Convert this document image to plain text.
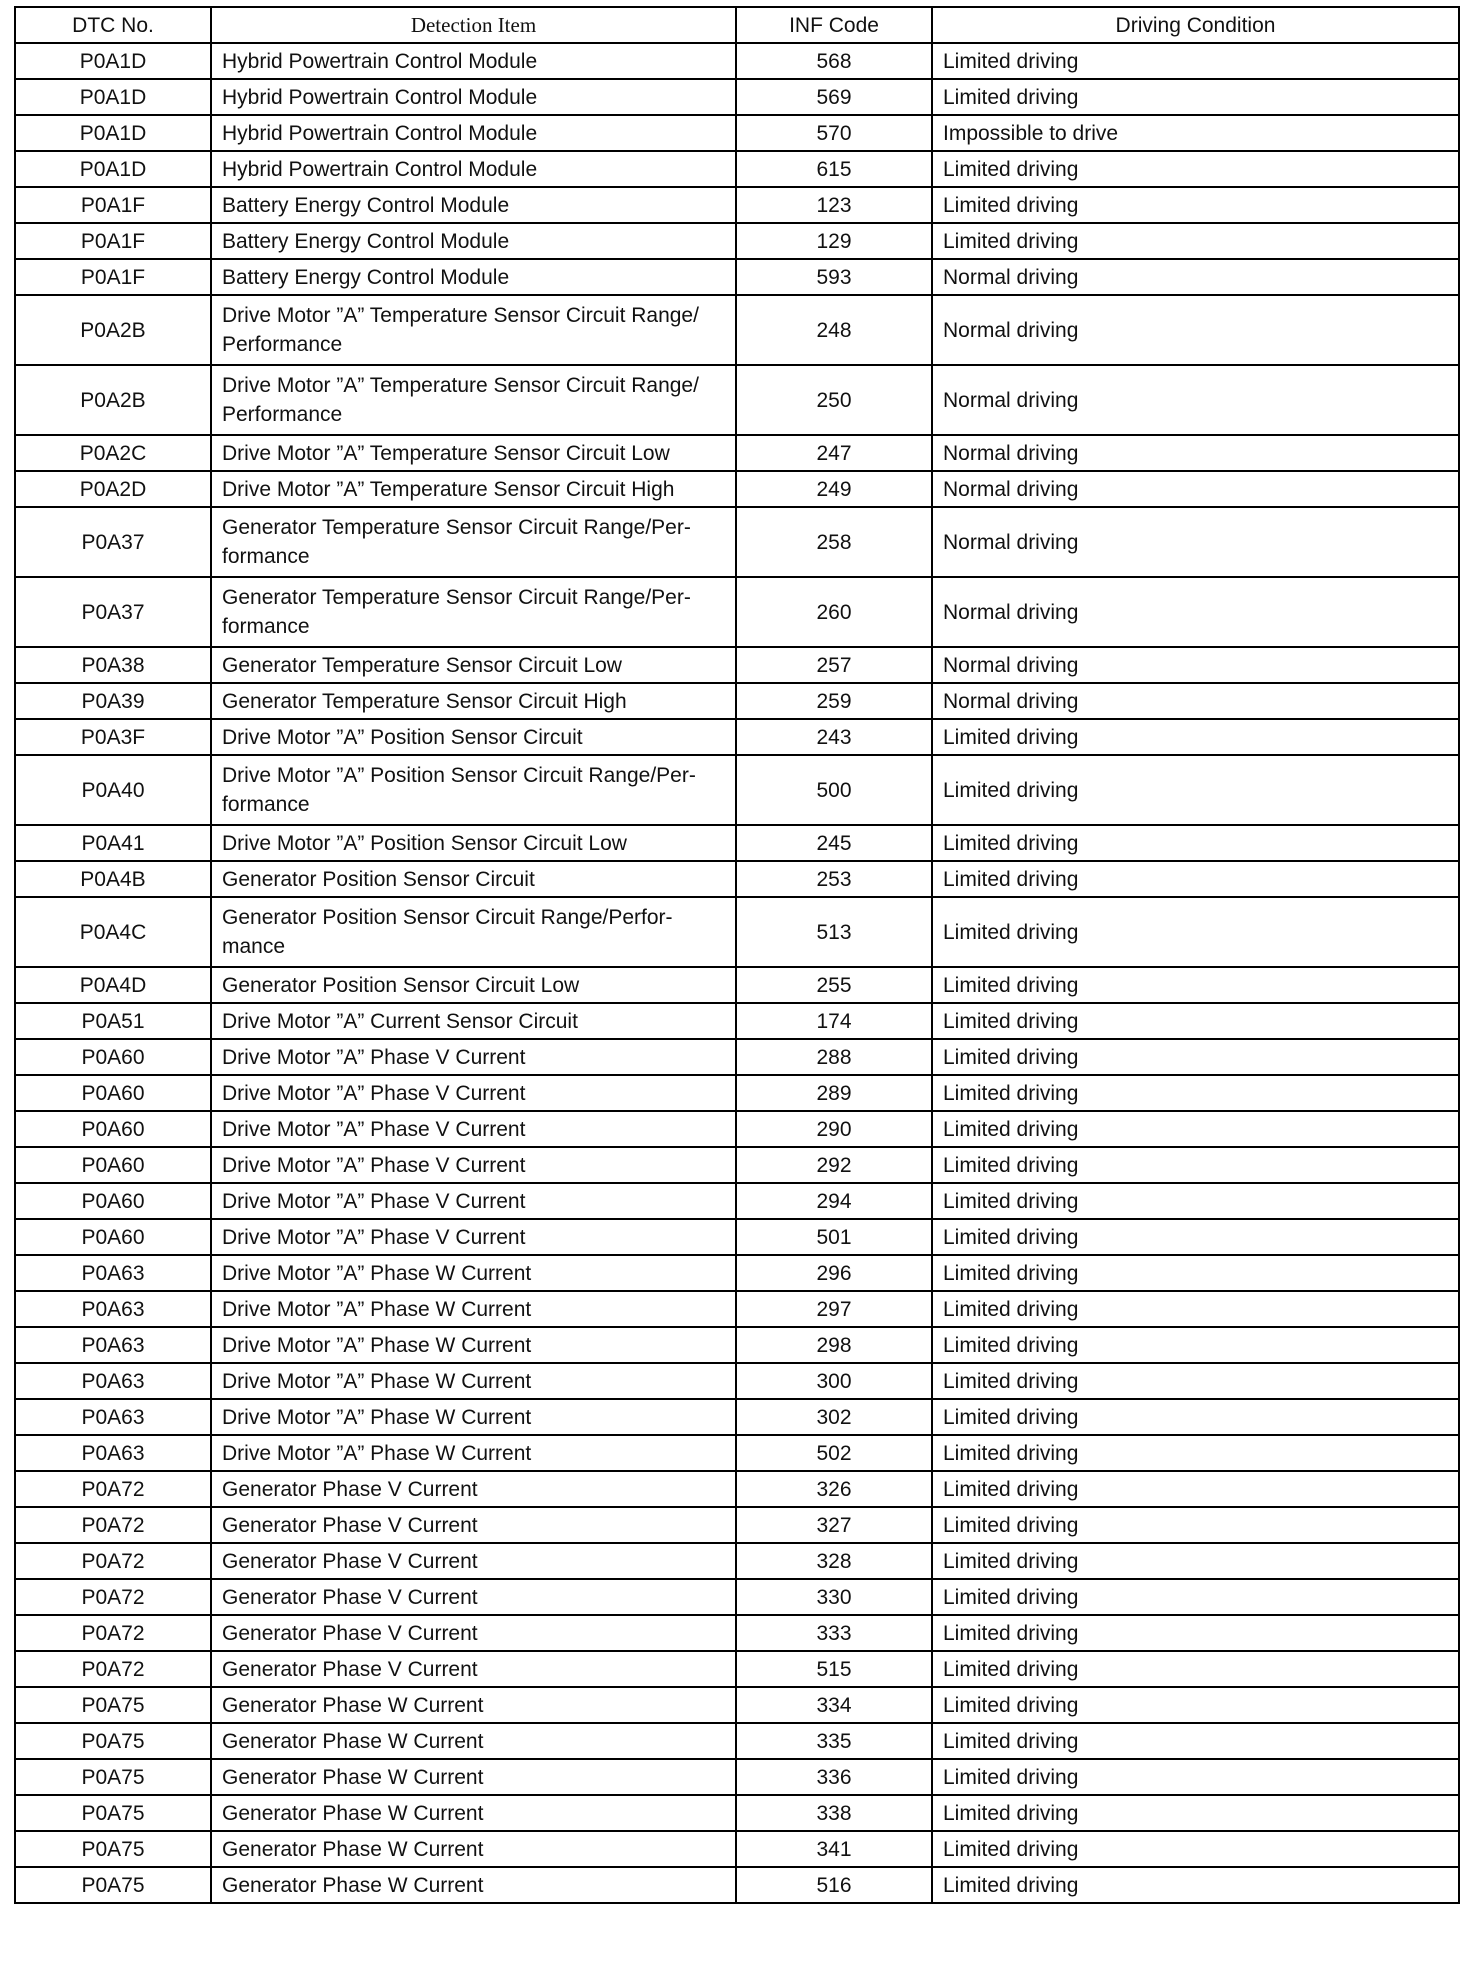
DTC No.	Detection Item	INF Code	Driving Condition
P0A1D	Hybrid Powertrain Control Module	568	Limited driving
P0A1D	Hybrid Powertrain Control Module	569	Limited driving
P0A1D	Hybrid Powertrain Control Module	570	Impossible to drive
P0A1D	Hybrid Powertrain Control Module	615	Limited driving
P0A1F	Battery Energy Control Module	123	Limited driving
P0A1F	Battery Energy Control Module	129	Limited driving
P0A1F	Battery Energy Control Module	593	Normal driving
P0A2B	Drive Motor ”A” Temperature Sensor Circuit Range/ Performance	248	Normal driving
P0A2B	Drive Motor ”A” Temperature Sensor Circuit Range/ Performance	250	Normal driving
P0A2C	Drive Motor ”A” Temperature Sensor Circuit Low	247	Normal driving
P0A2D	Drive Motor ”A” Temperature Sensor Circuit High	249	Normal driving
P0A37	Generator Temperature Sensor Circuit Range/Per- formance	258	Normal driving
P0A37	Generator Temperature Sensor Circuit Range/Per- formance	260	Normal driving
P0A38	Generator Temperature Sensor Circuit Low	257	Normal driving
P0A39	Generator Temperature Sensor Circuit High	259	Normal driving
P0A3F	Drive Motor ”A” Position Sensor Circuit	243	Limited driving
P0A40	Drive Motor ”A” Position Sensor Circuit Range/Per- formance	500	Limited driving
P0A41	Drive Motor ”A” Position Sensor Circuit Low	245	Limited driving
P0A4B	Generator Position Sensor Circuit	253	Limited driving
P0A4C	Generator Position Sensor Circuit Range/Perfor- mance	513	Limited driving
P0A4D	Generator Position Sensor Circuit Low	255	Limited driving
P0A51	Drive Motor ”A” Current Sensor Circuit	174	Limited driving
P0A60	Drive Motor ”A” Phase V Current	288	Limited driving
P0A60	Drive Motor ”A” Phase V Current	289	Limited driving
P0A60	Drive Motor ”A” Phase V Current	290	Limited driving
P0A60	Drive Motor ”A” Phase V Current	292	Limited driving
P0A60	Drive Motor ”A” Phase V Current	294	Limited driving
P0A60	Drive Motor ”A” Phase V Current	501	Limited driving
P0A63	Drive Motor ”A” Phase W Current	296	Limited driving
P0A63	Drive Motor ”A” Phase W Current	297	Limited driving
P0A63	Drive Motor ”A” Phase W Current	298	Limited driving
P0A63	Drive Motor ”A” Phase W Current	300	Limited driving
P0A63	Drive Motor ”A” Phase W Current	302	Limited driving
P0A63	Drive Motor ”A” Phase W Current	502	Limited driving
P0A72	Generator Phase V Current	326	Limited driving
P0A72	Generator Phase V Current	327	Limited driving
P0A72	Generator Phase V Current	328	Limited driving
P0A72	Generator Phase V Current	330	Limited driving
P0A72	Generator Phase V Current	333	Limited driving
P0A72	Generator Phase V Current	515	Limited driving
P0A75	Generator Phase W Current	334	Limited driving
P0A75	Generator Phase W Current	335	Limited driving
P0A75	Generator Phase W Current	336	Limited driving
P0A75	Generator Phase W Current	338	Limited driving
P0A75	Generator Phase W Current	341	Limited driving
P0A75	Generator Phase W Current	516	Limited driving
